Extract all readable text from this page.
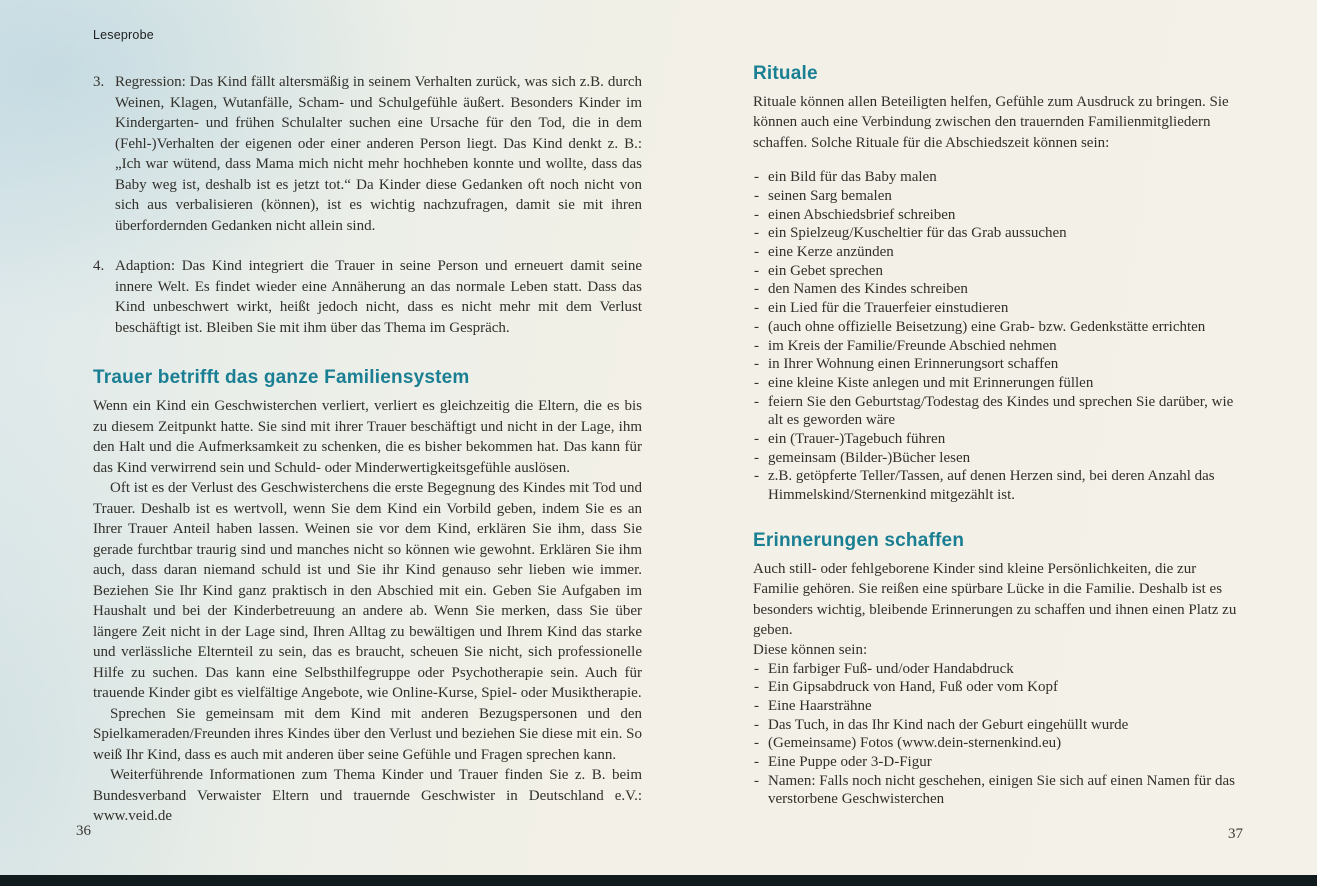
Leseprobe

3. Regression: Das Kind fällt altersmäßig in seinem Verhalten zurück, was sich z.B. durch Weinen, Klagen, Wutanfälle, Scham- und Schulgefühle äußert. Besonders Kinder im Kindergarten- und frühen Schulalter suchen eine Ursache für den Tod, die in dem (Fehl-)Verhalten der eigenen oder einer anderen Person liegt. Das Kind denkt z. B.: „Ich war wütend, dass Mama mich nicht mehr hochheben konnte und wollte, dass das Baby weg ist, deshalb ist es jetzt tot.“ Da Kinder diese Gedanken oft noch nicht von sich aus verbalisieren (können), ist es wichtig nachzufragen, damit sie mit ihren überfordernden Gedanken nicht allein sind.
4. Adaption: Das Kind integriert die Trauer in seine Person und erneuert damit seine innere Welt. Es findet wieder eine Annäherung an das normale Leben statt. Dass das Kind unbeschwert wirkt, heißt jedoch nicht, dass es nicht mehr mit dem Verlust beschäftigt ist. Bleiben Sie mit ihm über das Thema im Gespräch.
Trauer betrifft das ganze Familiensystem

Wenn ein Kind ein Geschwisterchen verliert, verliert es gleichzeitig die Eltern, die es bis zu diesem Zeitpunkt hatte. Sie sind mit ihrer Trauer beschäftigt und nicht in der Lage, ihm den Halt und die Aufmerksamkeit zu schenken, die es bisher bekommen hat. Das kann für das Kind verwirrend sein und Schuld- oder Minderwertigkeitsgefühle auslösen.

Oft ist es der Verlust des Geschwisterchens die erste Begegnung des Kindes mit Tod und Trauer. Deshalb ist es wertvoll, wenn Sie dem Kind ein Vorbild geben, indem Sie es an Ihrer Trauer Anteil haben lassen. Weinen sie vor dem Kind, erklären Sie ihm, dass Sie gerade furchtbar traurig sind und manches nicht so können wie gewohnt. Erklären Sie ihm auch, dass daran niemand schuld ist und Sie ihr Kind genauso sehr lieben wie immer. Beziehen Sie Ihr Kind ganz praktisch in den Abschied mit ein. Geben Sie Aufgaben im Haushalt und bei der Kinderbetreuung an andere ab. Wenn Sie merken, dass Sie über längere Zeit nicht in der Lage sind, Ihren Alltag zu bewältigen und Ihrem Kind das starke und verlässliche Elternteil zu sein, das es braucht, scheuen Sie nicht, sich professionelle Hilfe zu suchen. Das kann eine Selbsthilfegruppe oder Psychotherapie sein. Auch für trauende Kinder gibt es vielfältige Angebote, wie Online-Kurse, Spiel- oder Musiktherapie.

Sprechen Sie gemeinsam mit dem Kind mit anderen Bezugspersonen und den Spielkameraden/Freunden ihres Kindes über den Verlust und beziehen Sie diese mit ein. So weiß Ihr Kind, dass es auch mit anderen über seine Gefühle und Fragen sprechen kann.

Weiterführende Informationen zum Thema Kinder und Trauer finden Sie z. B. beim Bundesverband Verwaister Eltern und trauernde Geschwister in Deutschland e.V.: www.veid.de

Rituale

Rituale können allen Beteiligten helfen, Gefühle zum Ausdruck zu bringen. Sie können auch eine Verbindung zwischen den trauernden Familienmitgliedern schaffen. Solche Rituale für die Abschiedszeit können sein:

- ein Bild für das Baby malen
- seinen Sarg bemalen
- einen Abschiedsbrief schreiben
- ein Spielzeug/Kuscheltier für das Grab aussuchen
- eine Kerze anzünden
- ein Gebet sprechen
- den Namen des Kindes schreiben
- ein Lied für die Trauerfeier einstudieren
- (auch ohne offizielle Beisetzung) eine Grab- bzw. Gedenkstätte errichten
- im Kreis der Familie/Freunde Abschied nehmen
- in Ihrer Wohnung einen Erinnerungsort schaffen
- eine kleine Kiste anlegen und mit Erinnerungen füllen
- feiern Sie den Geburtstag/Todestag des Kindes und sprechen Sie darüber, wie alt es geworden wäre
- ein (Trauer-)Tagebuch führen
- gemeinsam (Bilder-)Bücher lesen
- z.B. getöpferte Teller/Tassen, auf denen Herzen sind, bei deren Anzahl das Himmelskind/Sternenkind mitgezählt ist.
Erinnerungen schaffen

Auch still- oder fehlgeborene Kinder sind kleine Persönlichkeiten, die zur Familie gehören. Sie reißen eine spürbare Lücke in die Familie. Deshalb ist es besonders wichtig, bleibende Erinnerungen zu schaffen und ihnen einen Platz zu geben.

Diese können sein:

- Ein farbiger Fuß- und/oder Handabdruck
- Ein Gipsabdruck von Hand, Fuß oder vom Kopf
- Eine Haarsträhne
- Das Tuch, in das Ihr Kind nach der Geburt eingehüllt wurde
- (Gemeinsame) Fotos (www.dein-sternenkind.eu)
- Eine Puppe oder 3-D-Figur
- Namen: Falls noch nicht geschehen, einigen Sie sich auf einen Namen für das verstorbene Geschwisterchen
36	37
